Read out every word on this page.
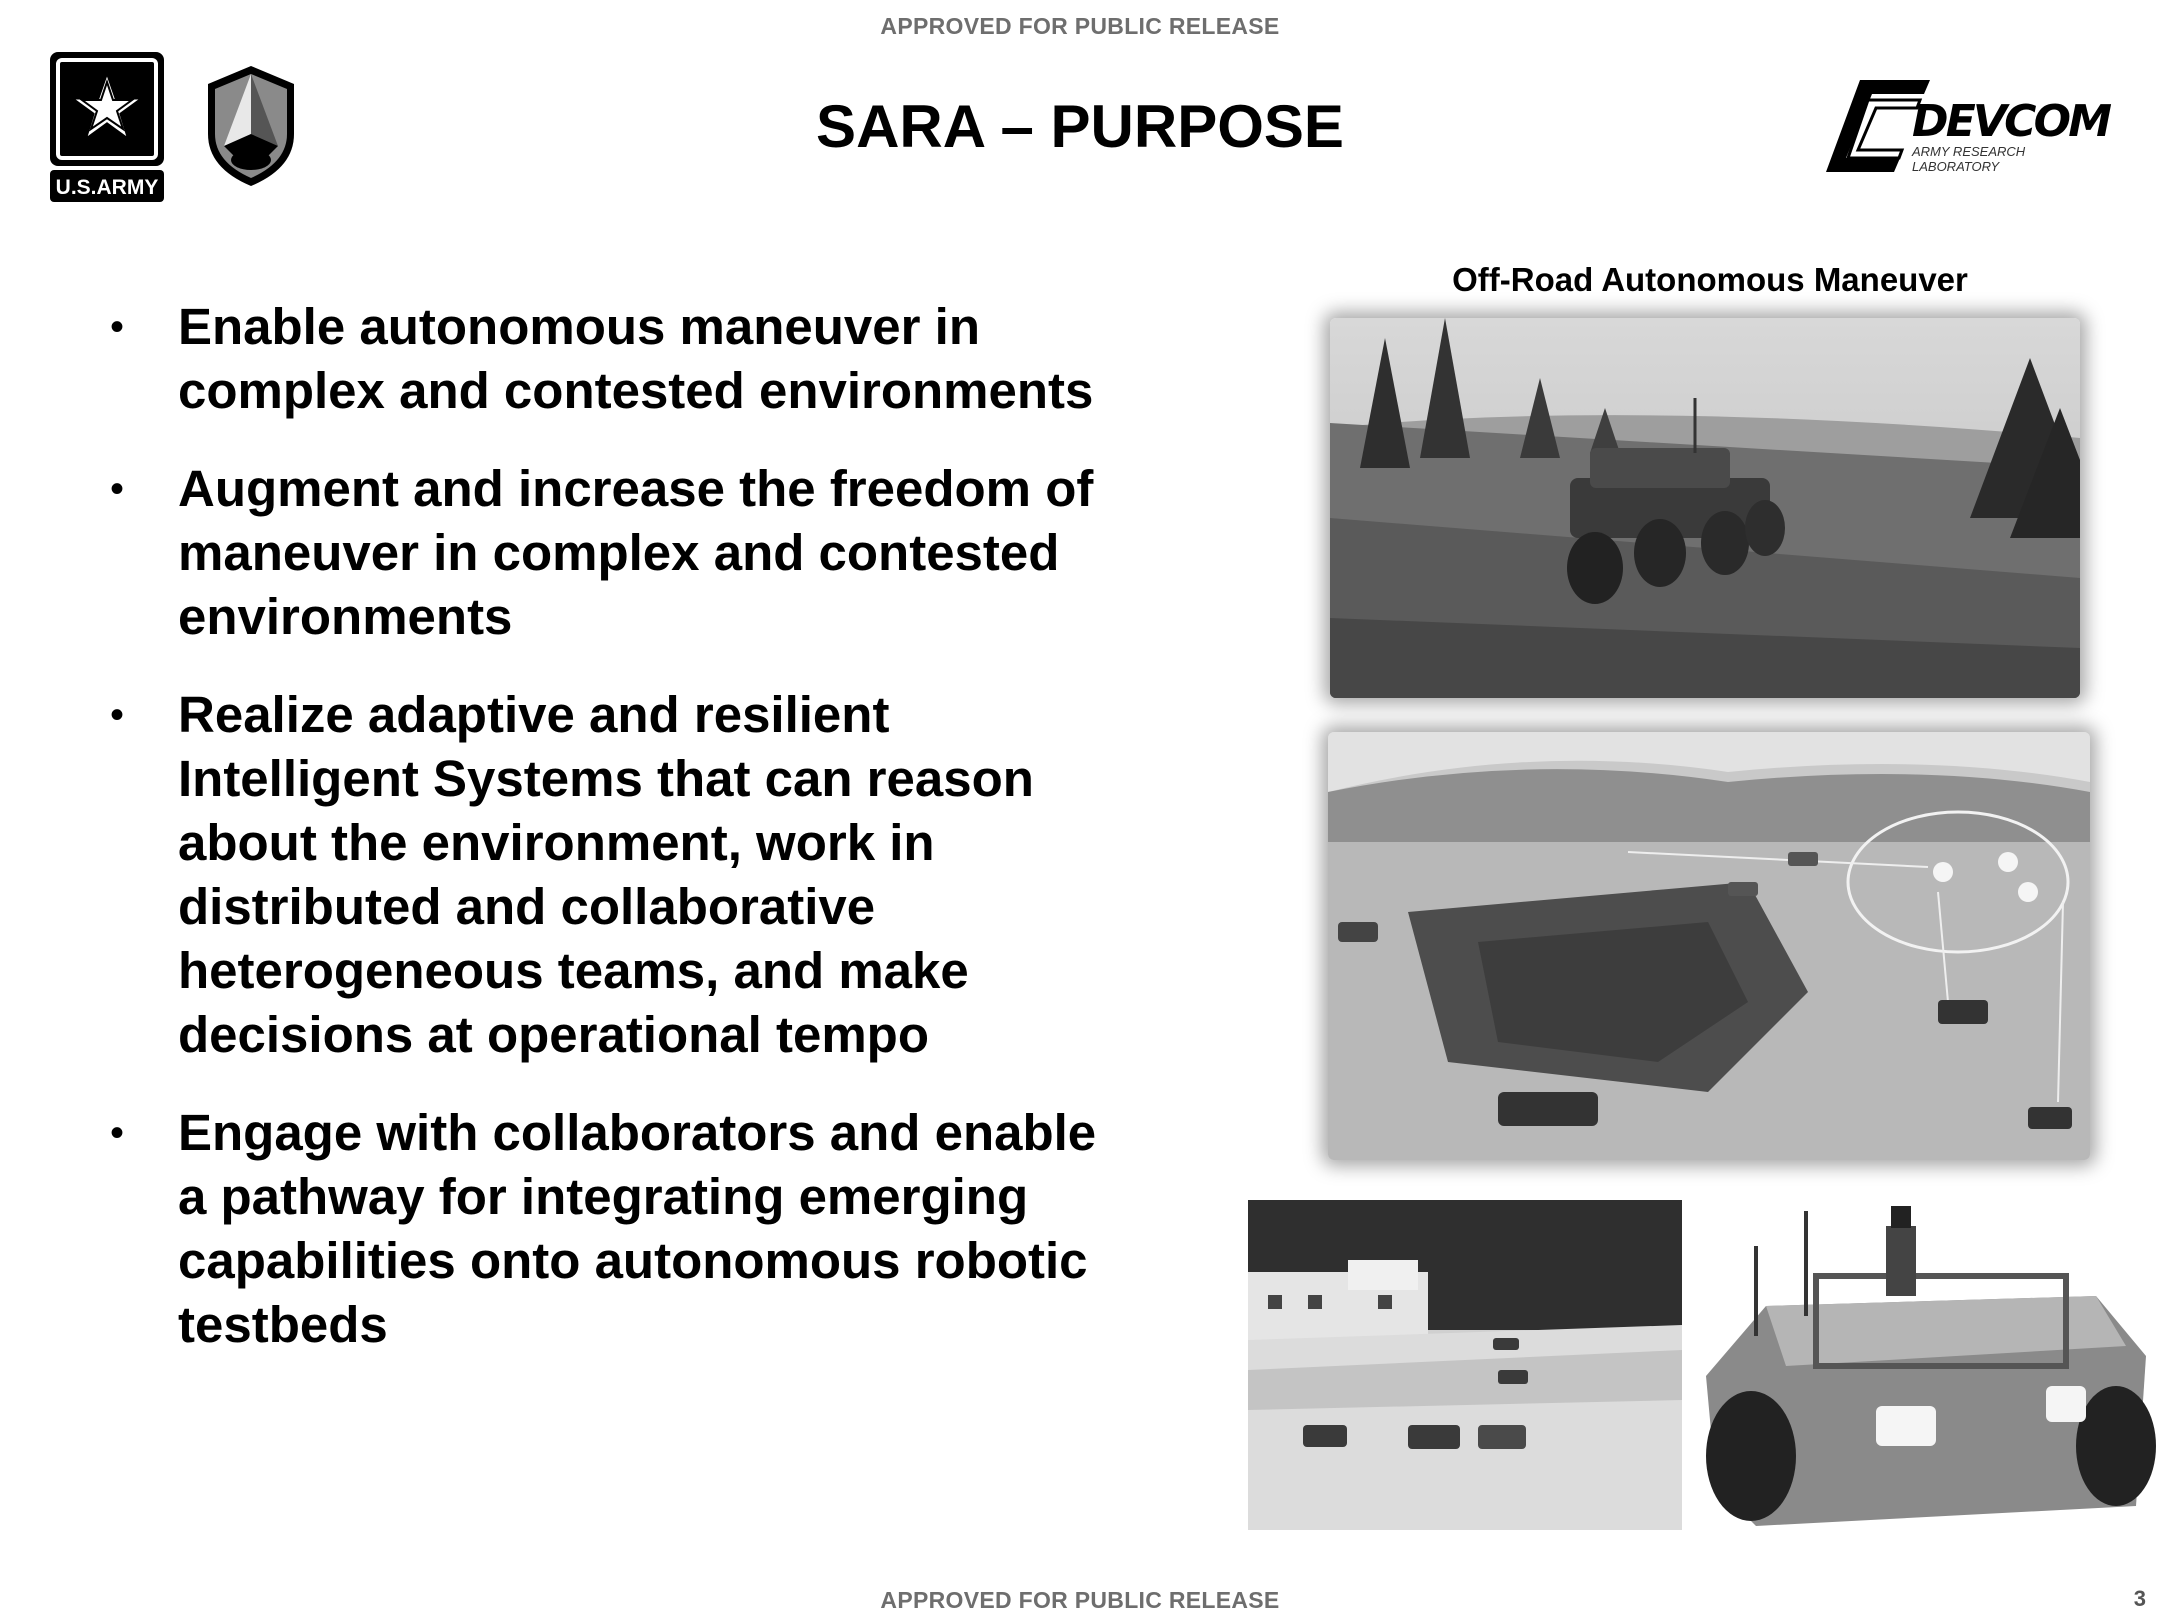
APPROVED FOR PUBLIC RELEASE
U.S.ARMY
DEVCOM
ARMY RESEARCH
LABORATORY
SARA – PURPOSE
• Enable autonomous maneuver in
complex and contested environments
• Augment and increase the freedom of
maneuver in complex and contested
environments
• Realize adaptive and resilient
Intelligent Systems that can reason
about the environment, work in
distributed and collaborative
heterogeneous teams, and make
decisions at operational tempo
• Engage with collaborators and enable
a pathway for integrating emerging
capabilities onto autonomous robotic
testbeds
Off-Road Autonomous Maneuver
APPROVED FOR PUBLIC RELEASE	3
